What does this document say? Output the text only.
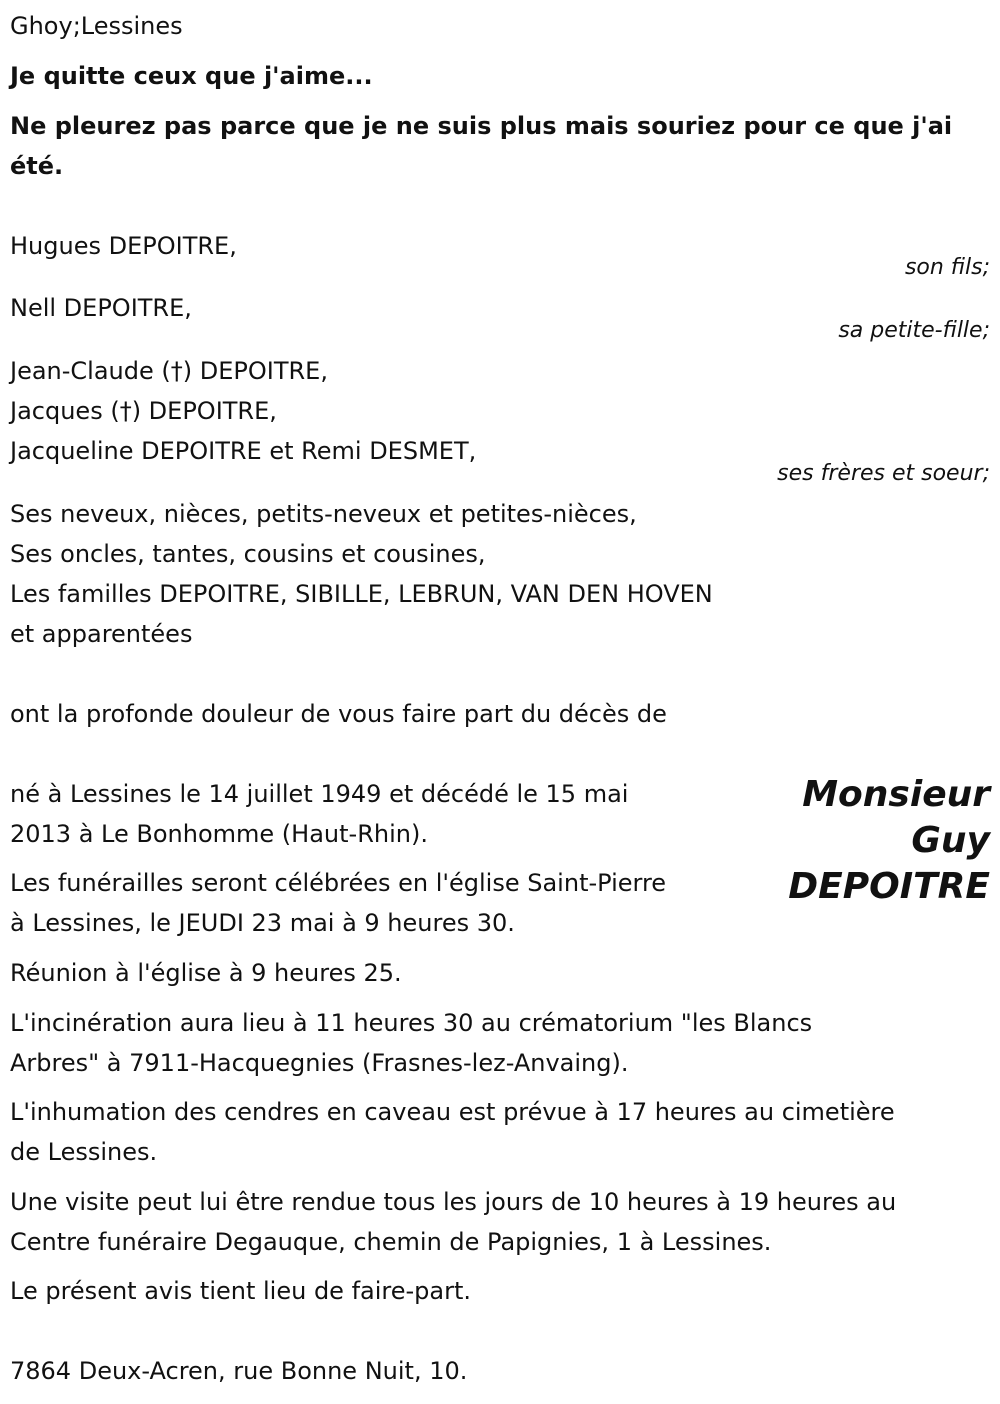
Ghoy;Lessines
Je quitte ceux que j'aime...
Ne pleurez pas parce que je ne suis plus mais souriez pour ce que j'ai
été.
Hugues DEPOITRE,
son fils;
Nell DEPOITRE,
sa petite-fille;
Jean-Claude (†) DEPOITRE,
Jacques (†) DEPOITRE,
Jacqueline DEPOITRE et Remi DESMET,
ses frères et soeur;
Ses neveux, nièces, petits-neveux et petites-nièces,
Ses oncles, tantes, cousins et cousines,
Les familles DEPOITRE, SIBILLE, LEBRUN, VAN DEN HOVEN
et apparentées
ont la profonde douleur de vous faire part du décès de
Monsieur
Guy
DEPOITRE
né à Lessines le 14 juillet 1949 et décédé le 15 mai
2013 à Le Bonhomme (Haut-Rhin).
Les funérailles seront célébrées en l'église Saint-Pierre
à Lessines, le JEUDI 23 mai à 9 heures 30.
Réunion à l'église à 9 heures 25.
L'incinération aura lieu à 11 heures 30 au crématorium "les Blancs
Arbres" à 7911-Hacquegnies (Frasnes-lez-Anvaing).
L'inhumation des cendres en caveau est prévue à 17 heures au cimetière
de Lessines.
Une visite peut lui être rendue tous les jours de 10 heures à 19 heures au
Centre funéraire Degauque, chemin de Papignies, 1 à Lessines.
Le présent avis tient lieu de faire-part.
7864 Deux-Acren, rue Bonne Nuit, 10.
